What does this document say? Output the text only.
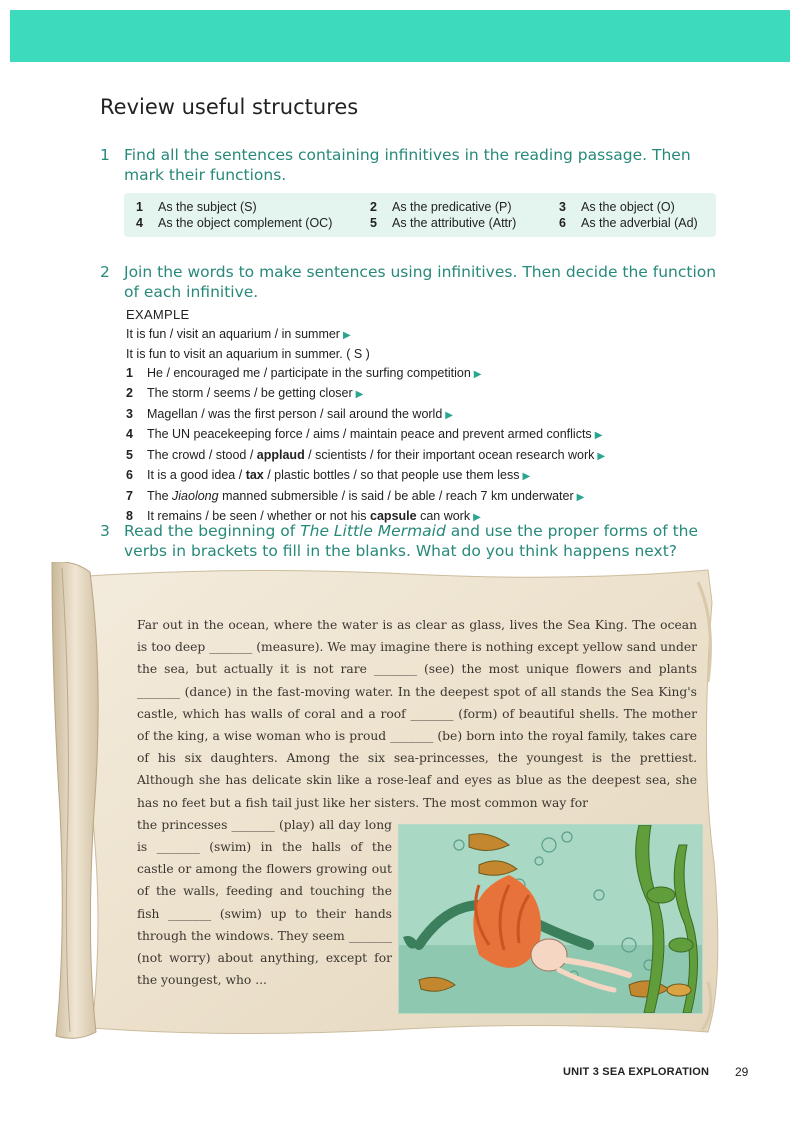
Review useful structures
1 Find all the sentences containing infinitives in the reading passage. Then mark their functions.
1 As the subject (S)	2 As the predicative (P)	3 As the object (O)
4 As the object complement (OC)	5 As the attributive (Attr)	6 As the adverbial (Ad)
2 Join the words to make sentences using infinitives. Then decide the function of each infinitive.
EXAMPLE
It is fun / visit an aquarium / in summer ▶
It is fun to visit an aquarium in summer. ( S )
1 He / encouraged me / participate in the surfing competition ▶
2 The storm / seems / be getting closer ▶
3 Magellan / was the first person / sail around the world ▶
4 The UN peacekeeping force / aims / maintain peace and prevent armed conflicts ▶
5 The crowd / stood / applaud / scientists / for their important ocean research work ▶
6 It is a good idea / tax / plastic bottles / so that people use them less ▶
7 The Jiaolong manned submersible / is said / be able / reach 7 km underwater ▶
8 It remains / be seen / whether or not his capsule can work ▶
3 Read the beginning of The Little Mermaid and use the proper forms of the verbs in brackets to fill in the blanks. What do you think happens next?
Far out in the ocean, where the water is as clear as glass, lives the Sea King. The ocean is too deep _______ (measure). We may imagine there is nothing except yellow sand under the sea, but actually it is not rare _______ (see) the most unique flowers and plants _______ (dance) in the fast-moving water. In the deepest spot of all stands the Sea King's castle, which has walls of coral and a roof _______ (form) of beautiful shells. The mother of the king, a wise woman who is proud _______ (be) born into the royal family, takes care of his six daughters. Among the six sea-princesses, the youngest is the prettiest. Although she has delicate skin like a rose-leaf and eyes as blue as the deepest sea, she has no feet but a fish tail just like her sisters. The most common way for
the princesses _______ (play) all day long is _______ (swim) in the halls of the castle or among the flowers growing out of the walls, feeding and touching the fish _______ (swim) up to their hands through the windows. They seem _______ (not worry) about anything, except for the youngest, who ...
UNIT 3 SEA EXPLORATION 29
